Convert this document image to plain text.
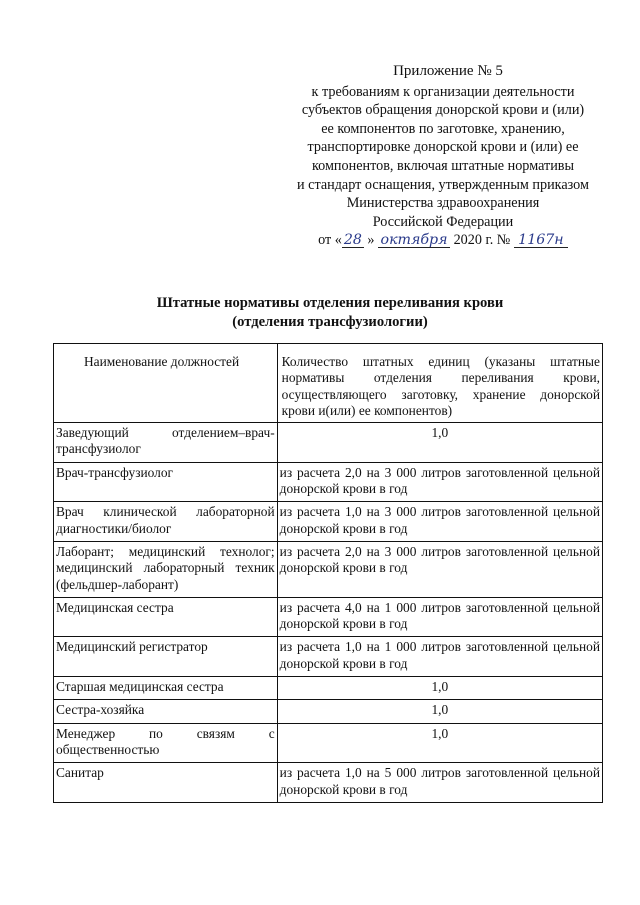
Приложение № 5
к требованиям к организации деятельности
субъектов обращения донорской крови и (или)
ее компонентов по заготовке, хранению,
транспортировке донорской крови и (или) ее
компонентов, включая штатные нормативы
и стандарт оснащения, утвержденным приказом
Министерства здравоохранения
Российской Федерации
от « 28 » октября 2020 г. № 1167н
Штатные нормативы отделения переливания крови
(отделения трансфузиологии)
Наименование должностей	Количество штатных единиц (указаны штатные нормативы отделения переливания крови, осуществляющего заготовку, хранение донорской крови и(или) ее компонентов)
Заведующий отделением–врач-трансфузиолог	1,0
Врач-трансфузиолог	из расчета 2,0 на 3 000 литров заготовленной цельной донорской крови в год
Врач клинической лабораторной диагностики/биолог	из расчета 1,0 на 3 000 литров заготовленной цельной донорской крови в год
Лаборант; медицинский технолог; медицинский лабораторный техник (фельдшер-лаборант)	из расчета 2,0 на 3 000 литров заготовленной цельной донорской крови в год
Медицинская сестра	из расчета 4,0 на 1 000 литров заготовленной цельной донорской крови в год
Медицинский регистратор	из расчета 1,0 на 1 000 литров заготовленной цельной донорской крови в год
Старшая медицинская сестра	1,0
Сестра-хозяйка	1,0
Менеджер по связям с общественностью	1,0
Санитар	из расчета 1,0 на 5 000 литров заготовленной цельной донорской крови в год
